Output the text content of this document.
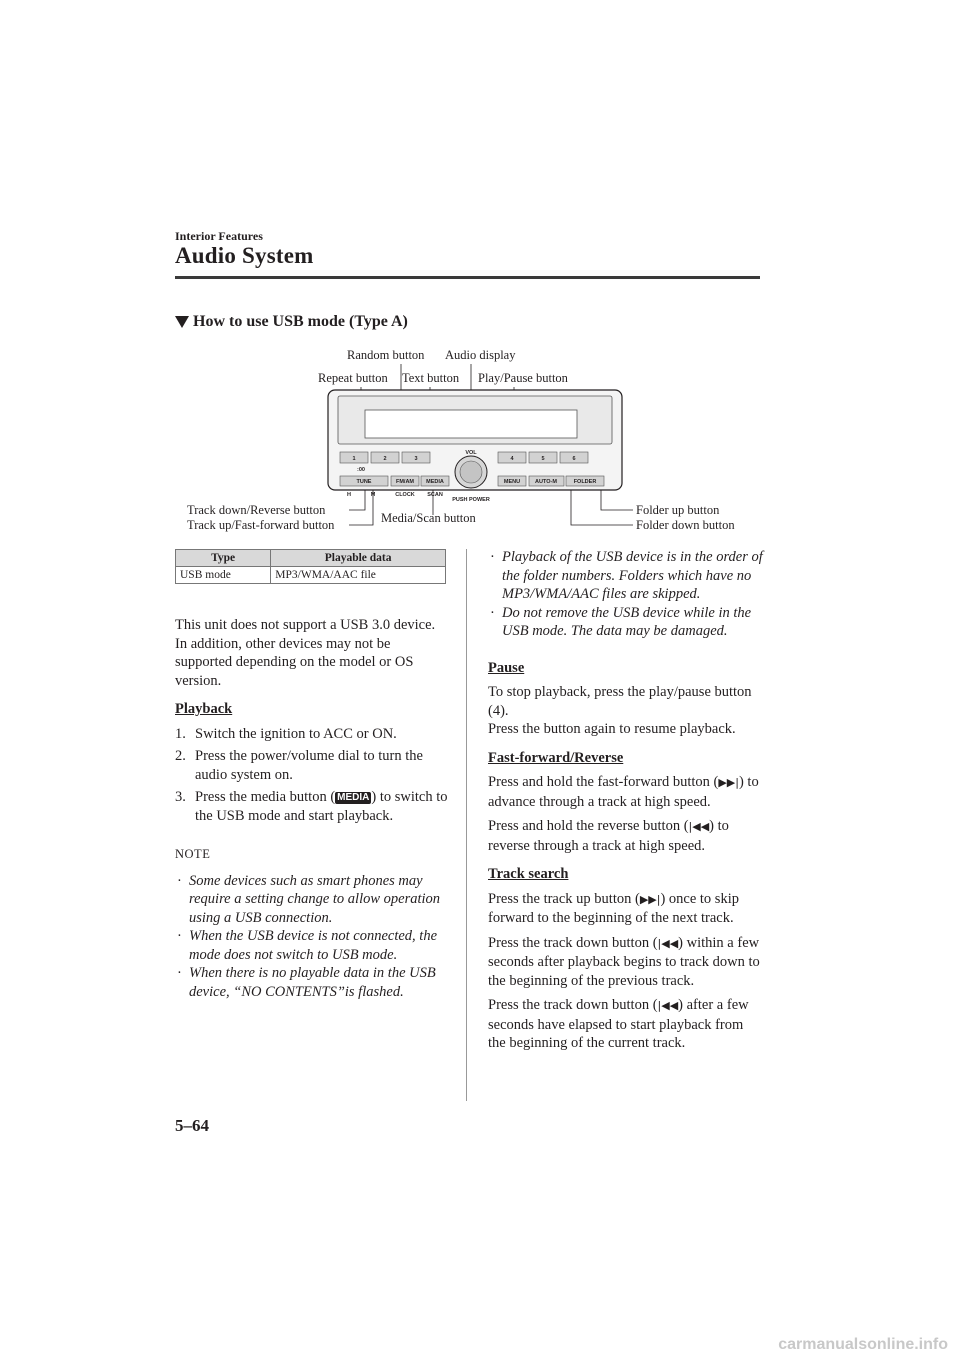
Interior Features
Audio System
How to use USB mode (Type A)
Random button Audio display
Repeat button Text button Play/Pause button
Track down/Reverse button
Track up/Fast-forward button	Media/Scan button
Folder up button
Folder down button
1	2	3	4	5	6
:00
VOL
TUNE	FM/AM MEDIA
CLOCK SCAN
MENU	AUTO-M	FOLDER
PUSH POWER
H	M
Type	Playable data
USB mode	MP3/WMA/AAC file

This unit does not support a USB 3.0 device. In addition, other devices may not be supported depending on the model or OS version.

Playback
1. Switch the ignition to ACC or ON.
2. Press the power/volume dial to turn the audio system on.
3. Press the media button ( MEDIA ) to switch to the USB mode and start playback.
NOTE
· Some devices such as smart phones may require a setting change to allow operation using a USB connection.
· When the USB device is not connected, the mode does not switch to USB mode.
· When there is no playable data in the USB device, “NO CONTENTS”is flashed.
· Playback of the USB device is in the order of the folder numbers. Folders which have no MP3/WMA/AAC files are skipped.
· Do not remove the USB device while in the USB mode. The data may be damaged.
Pause

To stop playback, press the play/pause button (4).

Press the button again to resume playback.

Fast-forward/Reverse

Press and hold the fast-forward button (▶▶|) to advance through a track at high speed.

Press and hold the reverse button (|◀◀) to reverse through a track at high speed.

Track search

Press the track up button (▶▶|) once to skip forward to the beginning of the next track.

Press the track down button (|◀◀) within a few seconds after playback begins to track down to the beginning of the previous track.

Press the track down button (|◀◀) after a few seconds have elapsed to start playback from the beginning of the current track.

5–64
carmanualsonline.info
